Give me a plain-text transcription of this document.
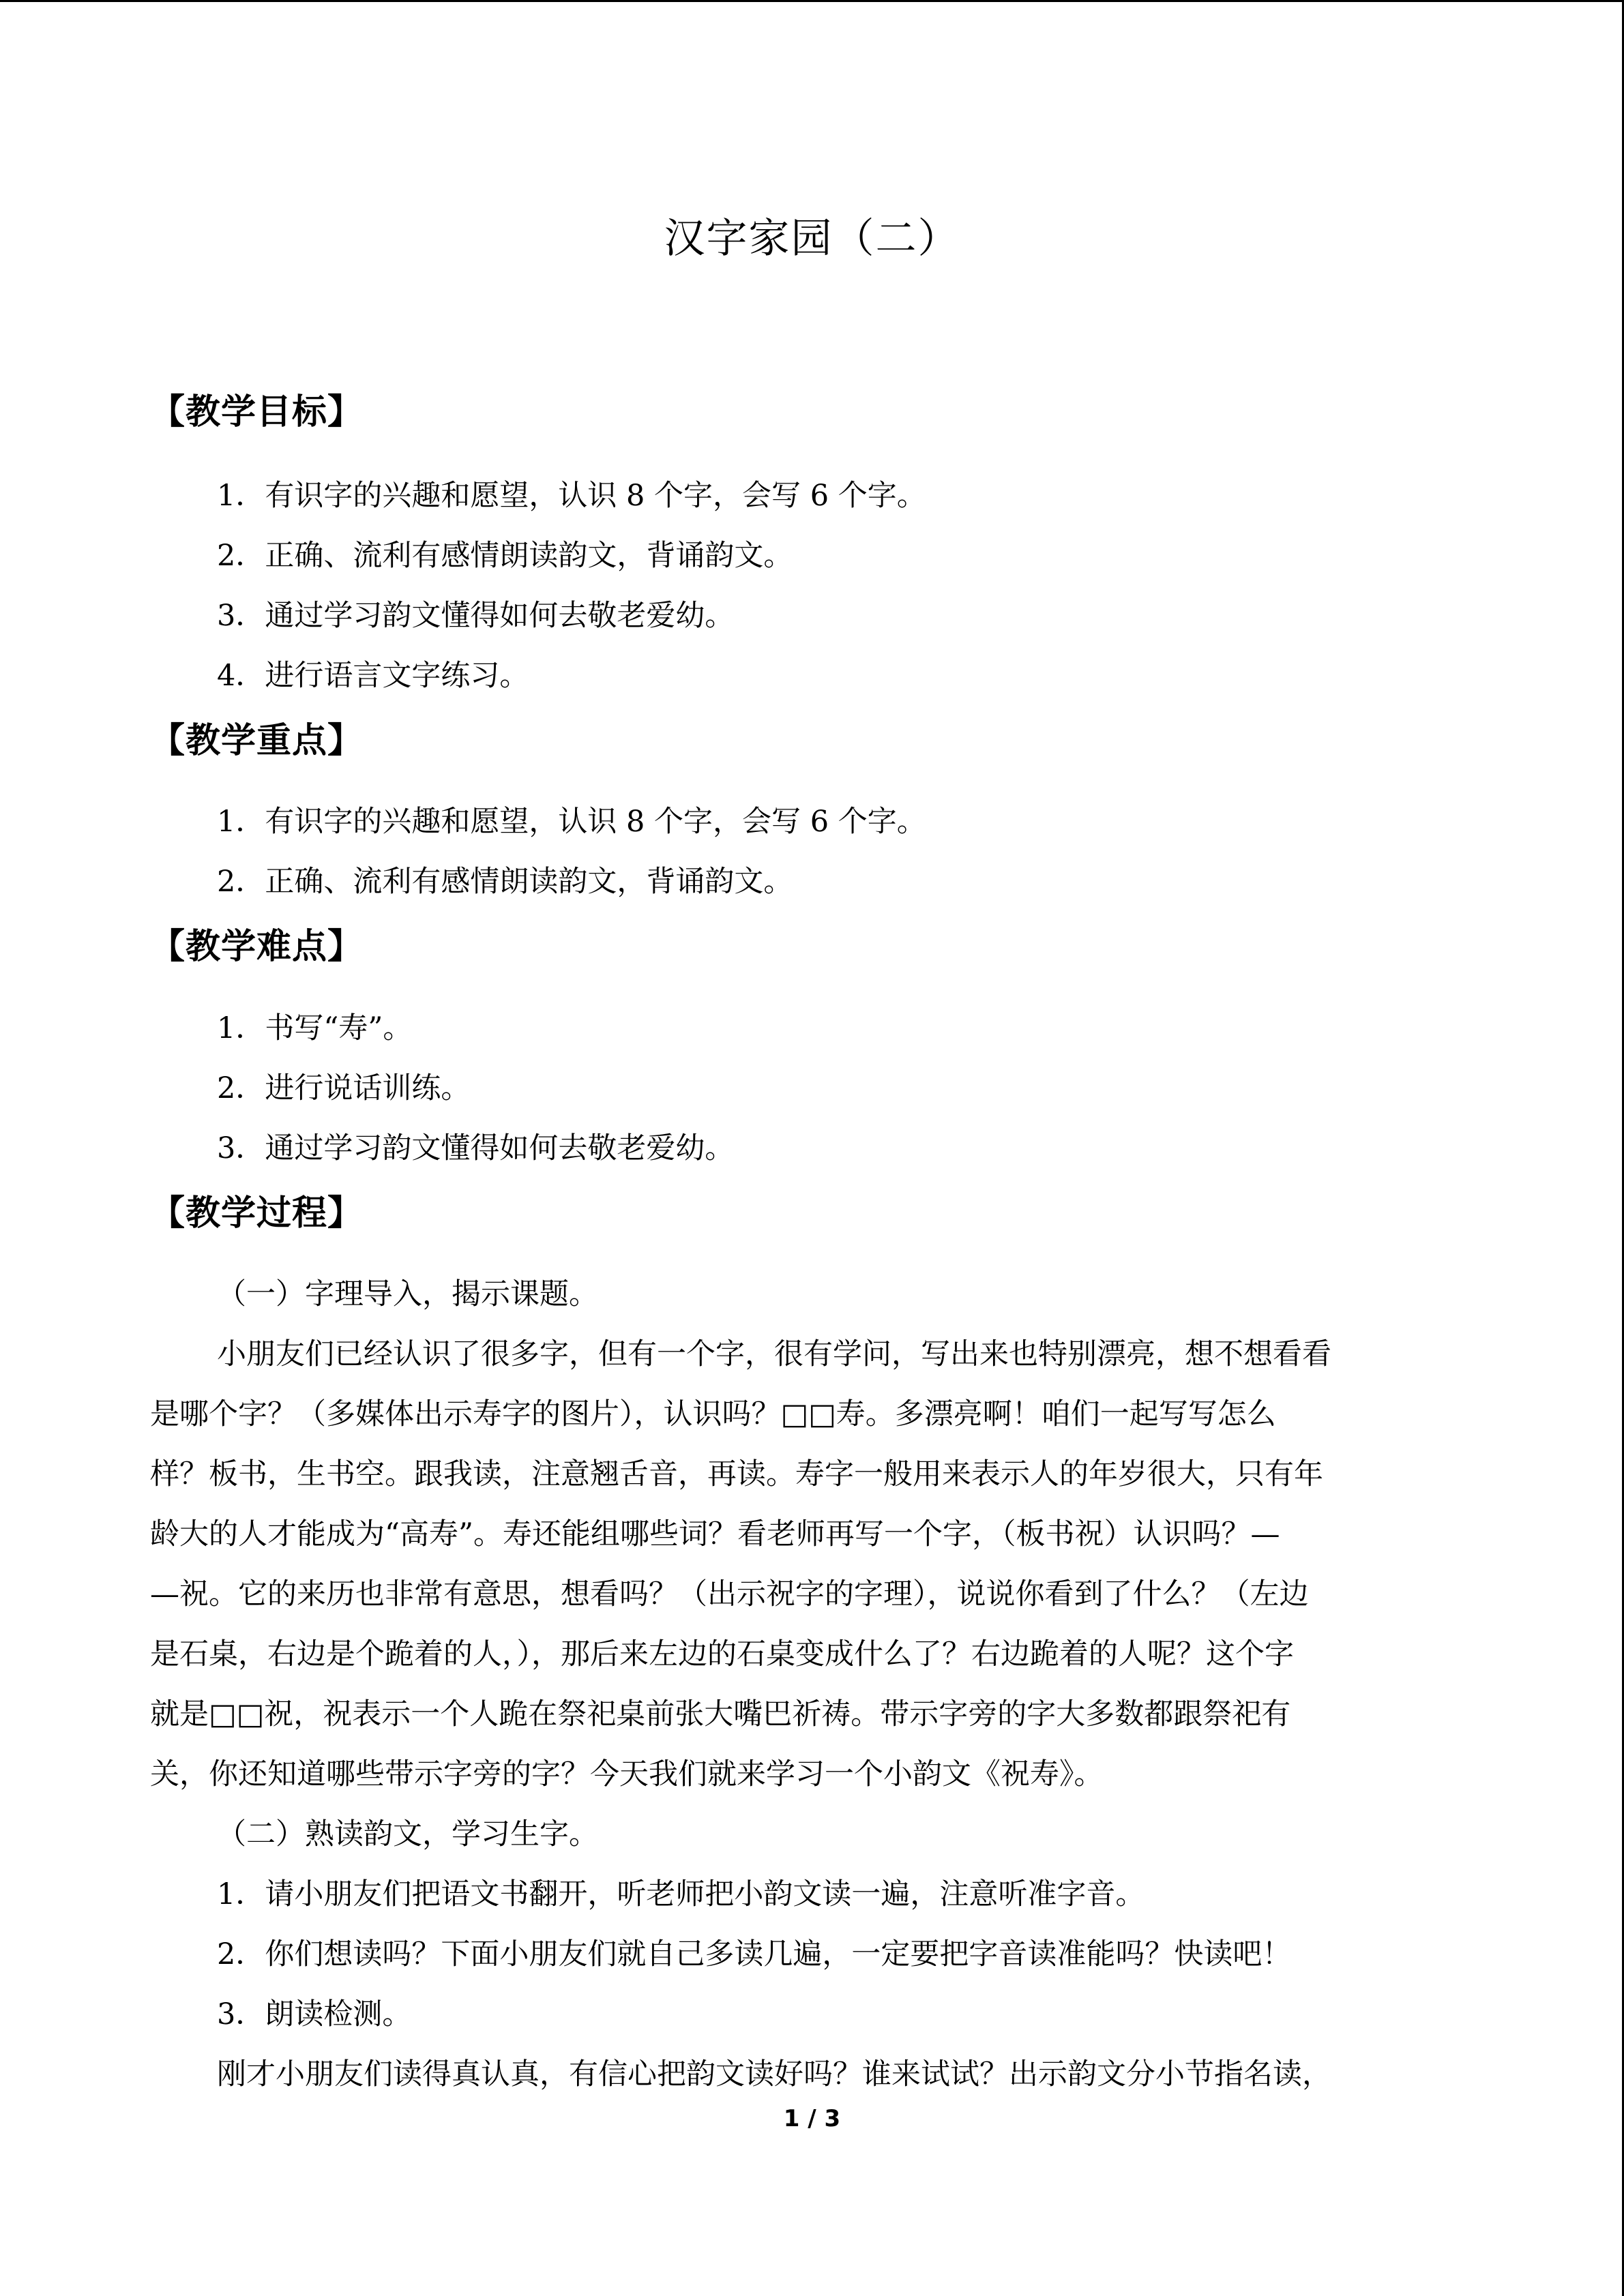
汉字家园（二）
【教学目标】
1．有识字的兴趣和愿望，认识 8 个字，会写 6 个字。
2．正确、流利有感情朗读韵文，背诵韵文。
3．通过学习韵文懂得如何去敬老爱幼。
4．进行语言文字练习。
【教学重点】
1．有识字的兴趣和愿望，认识 8 个字，会写 6 个字。
2．正确、流利有感情朗读韵文，背诵韵文。
【教学难点】
1．书写“寿”。
2．进行说话训练。
3．通过学习韵文懂得如何去敬老爱幼。
【教学过程】
（一）字理导入，揭示课题。
小朋友们已经认识了很多字，但有一个字，很有学问，写出来也特别漂亮，想不想看看
是哪个字？（多媒体出示寿字的图片），认识吗？□□寿。多漂亮啊！咱们一起写写怎么
样？板书，生书空。跟我读，注意翘舌音，再读。寿字一般用来表示人的年岁很大，只有年
龄大的人才能成为“高寿”。寿还能组哪些词？看老师再写一个字，（板书祝）认识吗？—
—祝。它的来历也非常有意思，想看吗？（出示祝字的字理），说说你看到了什么？（左边
是石桌，右边是个跪着的人，），那后来左边的石桌变成什么了？右边跪着的人呢？这个字
就是□□祝，祝表示一个人跪在祭祀桌前张大嘴巴祈祷。带示字旁的字大多数都跟祭祀有
关，你还知道哪些带示字旁的字？今天我们就来学习一个小韵文《祝寿》。
（二）熟读韵文，学习生字。
1．请小朋友们把语文书翻开，听老师把小韵文读一遍，注意听准字音。
2．你们想读吗？下面小朋友们就自己多读几遍，一定要把字音读准能吗？快读吧！
3．朗读检测。
刚才小朋友们读得真认真，有信心把韵文读好吗？谁来试试？出示韵文分小节指名读，
1 / 3
